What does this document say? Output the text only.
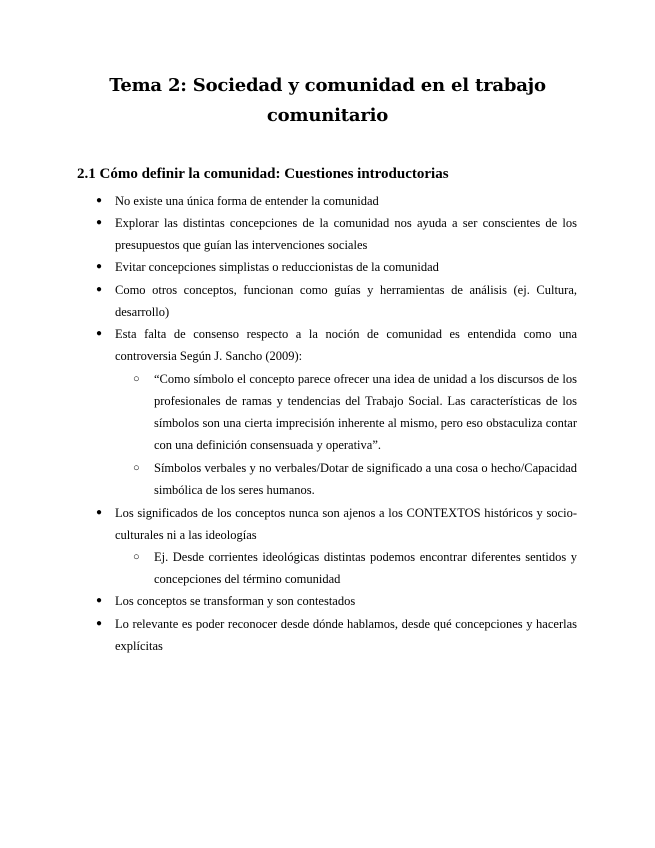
Tema 2: Sociedad y comunidad en el trabajo
comunitario
2.1 Cómo definir la comunidad: Cuestiones introductorias
● No existe una única forma de entender la comunidad
● Explorar las distintas concepciones de la comunidad nos ayuda a ser conscientes de los presupuestos que guían las intervenciones sociales
● Evitar concepciones simplistas o reduccionistas de la comunidad
● Como otros conceptos, funcionan como guías y herramientas de análisis (ej. Cultura, desarrollo)
● Esta falta de consenso respecto a la noción de comunidad es entendida como una controversia Según J. Sancho (2009):
○ “Como símbolo el concepto parece ofrecer una idea de unidad a los discursos de los profesionales de ramas y tendencias del Trabajo Social. Las características de los símbolos son una cierta imprecisión inherente al mismo, pero eso obstaculiza contar con una definición consensuada y operativa”.
○ Símbolos verbales y no verbales/Dotar de significado a una cosa o hecho/Capacidad simbólica de los seres humanos.
● Los significados de los conceptos nunca son ajenos a los CONTEXTOS históricos y socio-culturales ni a las ideologías
○ Ej. Desde corrientes ideológicas distintas podemos encontrar diferentes sentidos y concepciones del término comunidad
● Los conceptos se transforman y son contestados
● Lo relevante es poder reconocer desde dónde hablamos, desde qué concepciones y hacerlas explícitas
